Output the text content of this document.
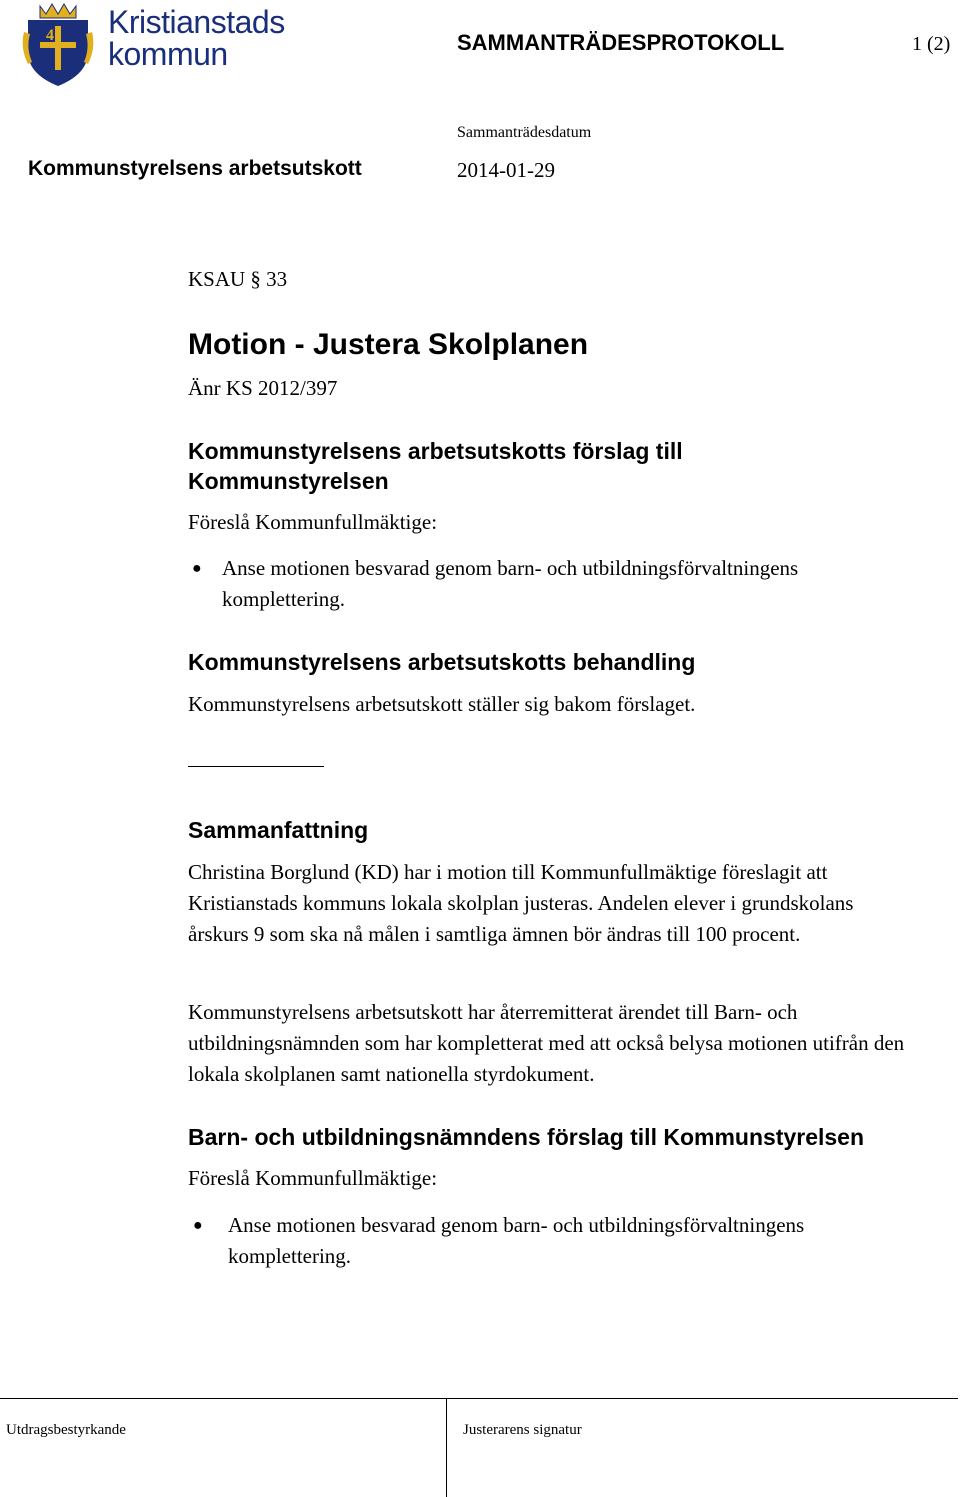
4 Kristianstads
kommun	SAMMANTRÄDESPROTOKOLL	1 (2)
Sammanträdesdatum
Kommunstyrelsens arbetsutskott	2014-01-29
KSAU § 33
Motion - Justera Skolplanen
Änr KS 2012/397
Kommunstyrelsens arbetsutskotts förslag till Kommunstyrelsen
Föreslå Kommunfullmäktige:
● Anse motionen besvarad genom barn- och utbildningsförvaltningens komplettering.
Kommunstyrelsens arbetsutskotts behandling
Kommunstyrelsens arbetsutskott ställer sig bakom förslaget.
Sammanfattning
Christina Borglund (KD) har i motion till Kommunfullmäktige föreslagit att Kristianstads kommuns lokala skolplan justeras. Andelen elever i grundskolans årskurs 9 som ska nå målen i samtliga ämnen bör ändras till 100 procent.
Kommunstyrelsens arbetsutskott har återremitterat ärendet till Barn- och utbildningsnämnden som har kompletterat med att också belysa motionen utifrån den lokala skolplanen samt nationella styrdokument.
Barn- och utbildningsnämndens förslag till Kommunstyrelsen
Föreslå Kommunfullmäktige:
● Anse motionen besvarad genom barn- och utbildningsförvaltningens komplettering.
Utdragsbestyrkande	Justerarens signatur
